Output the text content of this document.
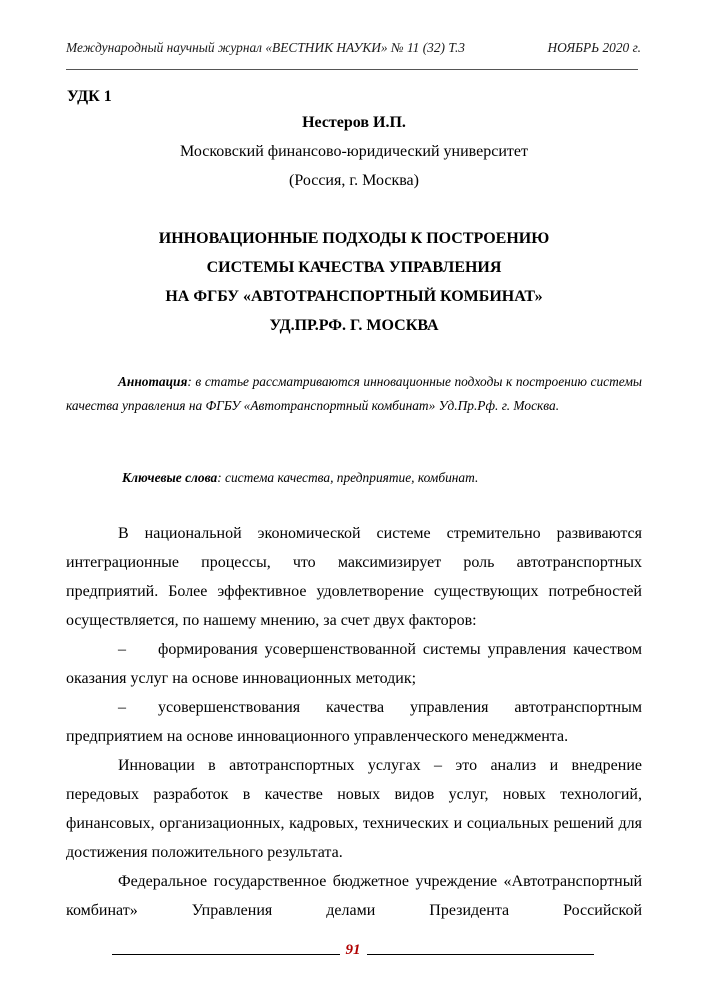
Международный научный журнал «ВЕСТНИК НАУКИ» № 11 (32) Т.3	НОЯБРЬ 2020 г.
УДК 1
Нестеров И.П.
Московский финансово-юридический университет
(Россия, г. Москва)
ИННОВАЦИОННЫЕ ПОДХОДЫ К ПОСТРОЕНИЮ
СИСТЕМЫ КАЧЕСТВА УПРАВЛЕНИЯ
НА ФГБУ «АВТОТРАНСПОРТНЫЙ КОМБИНАТ»
УД.ПР.РФ. Г. МОСКВА
Аннотация: в статье рассматриваются инновационные подходы к построению системы качества управления на ФГБУ «Автотранспортный комбинат» Уд.Пр.Рф. г. Москва.
Ключевые слова: система качества, предприятие, комбинат.
В национальной экономической системе стремительно развиваются интеграционные процессы, что максимизирует роль автотранспортных предприятий. Более эффективное удовлетворение существующих потребностей осуществляется, по нашему мнению, за счет двух факторов:
–  формирования усовершенствованной системы управления качеством оказания услуг на основе инновационных методик;
–  усовершенствования качества управления автотранспортным предприятием на основе инновационного управленческого менеджмента.
Инновации в автотранспортных услугах – это анализ и внедрение передовых разработок в качестве новых видов услуг, новых технологий, финансовых, организационных, кадровых, технических и социальных решений для достижения положительного результата.
Федеральное государственное бюджетное учреждение «Автотранспортный комбинат» Управления делами Президента Российской
91
